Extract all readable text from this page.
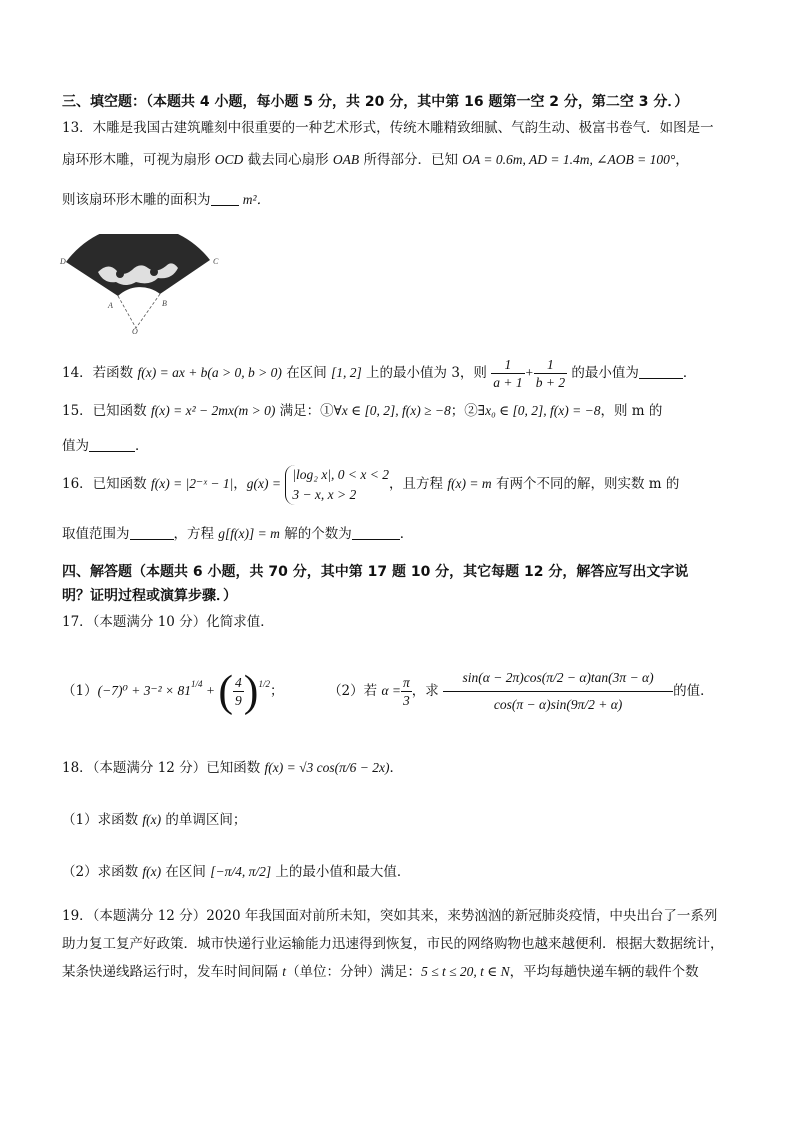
三、填空题：（本题共 4 小题，每小题 5 分，共 20 分，其中第 16 题第一空 2 分，第二空 3 分．）
13．木雕是我国古建筑雕刻中很重要的一种艺术形式，传统木雕精致细腻、气韵生动、极富书卷气．如图是一
扇环形木雕，可视为扇形 OCD 截去同心扇形 OAB 所得部分．已知 OA = 0.6m, AD = 1.4m, ∠AOB = 100°，
则该扇环形木雕的面积为 m²．
D	C
A	B
O
14．若函数 f(x) = ax + b(a > 0, b > 0) 在区间 [1, 2] 上的最小值为 3，则 $\frac{1}{a + 1} + \frac{1}{b + 2}$ 的最小值为	．
15．已知函数 f(x) = x² − 2mx(m > 0) 满足：①∀x ∈ [0, 2], f(x) ≥ −8；②∃x₀ ∈ [0, 2], f(x) = −8，则 m 的
值为	．
16．已知函数 f(x) = |2⁻ˣ − 1|，g(x) =
|log₂ x|, 0 < x < 2
3 − x, x > 2
，且方程 f(x) = m 有两个不同的解，则实数 m 的
取值范围为	，方程 g[f(x)] = m 解的个数为	．
四、解答题（本题共 6 小题，共 70 分，其中第 17 题 10 分，其它每题 12 分，解答应写出文字说
明？证明过程或演算步骤．）
17．（本题满分 10 分）化简求值．
$(1)(-7)^0 + 3^{-2} \times 81^{1/4}$ + ( $\frac{4}{9} )^{1/2}$；	（2）若 $\alpha = \frac{\pi}{3}$ ，求 $\frac{\sin(\alpha - 2\pi)\cos(\pi/2 - \alpha)\tan(3\pi - \alpha)}{\cos(\pi - \alpha)\sin(9\pi/2 + \alpha)}$ 的值．
18．（本题满分 12 分）已知函数 f(x) = √3 cos(π/6 − 2x)．
（1）求函数 f(x) 的单调区间；
（2）求函数 f(x) 在区间 [−π/4, π/2] 上的最小值和最大值．
19．（本题满分 12 分）2020 年我国面对前所未知，突如其来，来势汹汹的新冠肺炎疫情，中央出台了一系列
助力复工复产好政策．城市快递行业运输能力迅速得到恢复，市民的网络购物也越来越便利．根据大数据统计，
某条快递线路运行时，发车时间间隔 t（单位：分钟）满足：5 ≤ t ≤ 20, t ∈ N，平均每趟快递车辆的载件个数
